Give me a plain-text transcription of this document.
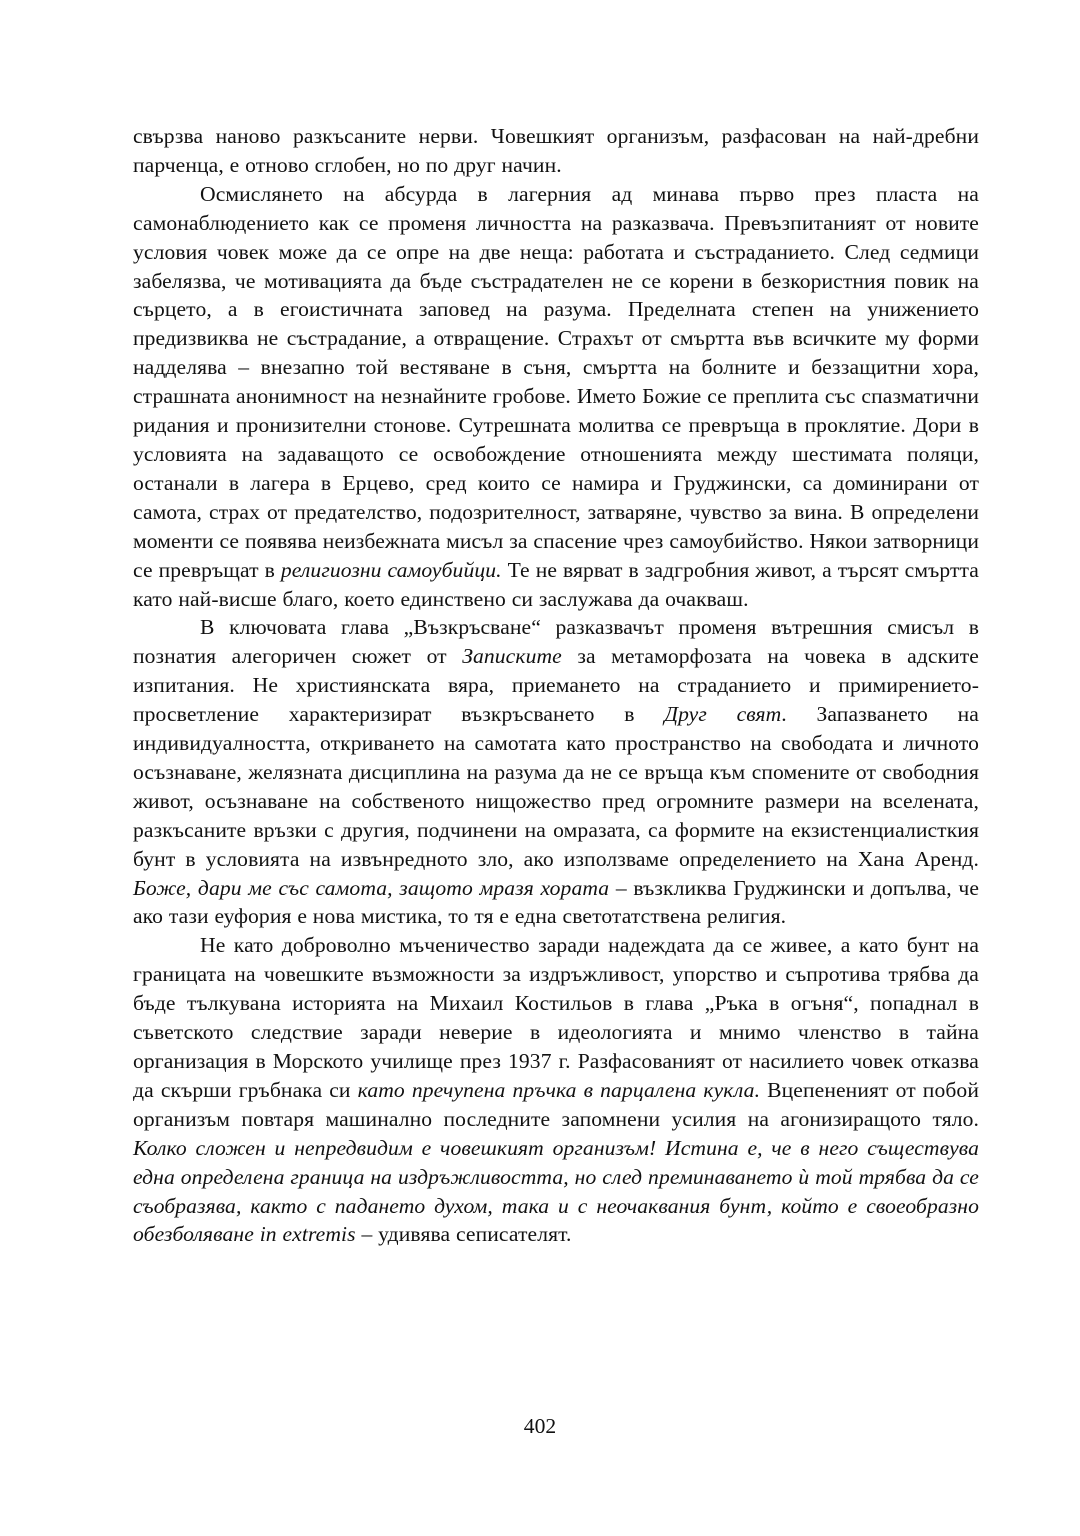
свързва наново разкъсаните нерви. Човешкият организъм, разфасован на най-дребни парченца, е отново сглобен, но по друг начин.

Осмислянето на абсурда в лагерния ад минава първо през пласта на самонаблюдението как се променя личността на разказвача. Превъзпитаният от новите условия човек може да се опре на две неща: работата и състраданието. След седмици забелязва, че мотивацията да бъде състрадателен не се корени в безкористния повик на сърцето, а в егоистичната заповед на разума. Пределната степен на унижението предизвиква не състрадание, а отвращение. Страхът от смъртта във всичките му форми надделява – внезапно той вестяване в съня, смъртта на болните и беззащитни хора, страшната анонимност на незнайните гробове. Името Божие се преплита със спазматични ридания и пронизителни стонове. Сутрешната молитва се превръща в проклятие. Дори в условията на задаващото се освобождение отношенията между шестимата поляци, останали в лагера в Ерцево, сред които се намира и Груджински, са доминирани от самота, страх от предателство, подозрителност, затваряне, чувство за вина. В определени моменти се появява неизбежната мисъл за спасение чрез самоубийство. Някои затворници се превръщат в религиозни самоубийци. Те не вярват в задгробния живот, а търсят смъртта като най-висше благо, което единствено си заслужава да очакваш.

В ключовата глава „Възкръсване“ разказвачът променя вътрешния смисъл в познатия алегоричен сюжет от Записките за метаморфозата на човека в адските изпитания. Не християнската вяра, приемането на страданието и примирението-просветление характеризират възкръсването в Друг свят. Запазването на индивидуалността, откриването на самотата като пространство на свободата и личното осъзнаване, желязната дисциплина на разума да не се връща към спомените от свободния живот, осъзнаване на собственото нищожество пред огромните размери на вселената, разкъсаните връзки с другия, подчинени на омразата, са формите на екзистенциалисткия бунт в условията на извънредното зло, ако използваме определението на Хана Аренд. Боже, дари ме със самота, защото мразя хората – възкликва Груджински и допълва, че ако тази еуфория е нова мистика, то тя е една светотатствена религия.

Не като доброволно мъченичество заради надеждата да се живее, а като бунт на границата на човешките възможности за издръжливост, упорство и съпротива трябва да бъде тълкувана историята на Михаил Костильов в глава „Ръка в огъня“, попаднал в съветското следствие заради неверие в идеологията и мнимо членство в тайна организация в Морското училище през 1937 г. Разфасованият от насилието човек отказва да скърши гръбнака си като пречупена пръчка в парцалена кукла. Вцепененият от побой организъм повтаря машинално последните запомнени усилия на агонизиращото тяло. Колко сложен и непредвидим е човешкият организъм! Истина е, че в него съществува една определена граница на издръжливостта, но след преминаването ѝ той трябва да се съобразява, както с падането духом, така и с неочаквания бунт, който е своеобразно обезболяване in extremis – удивява сеписателят.

402
